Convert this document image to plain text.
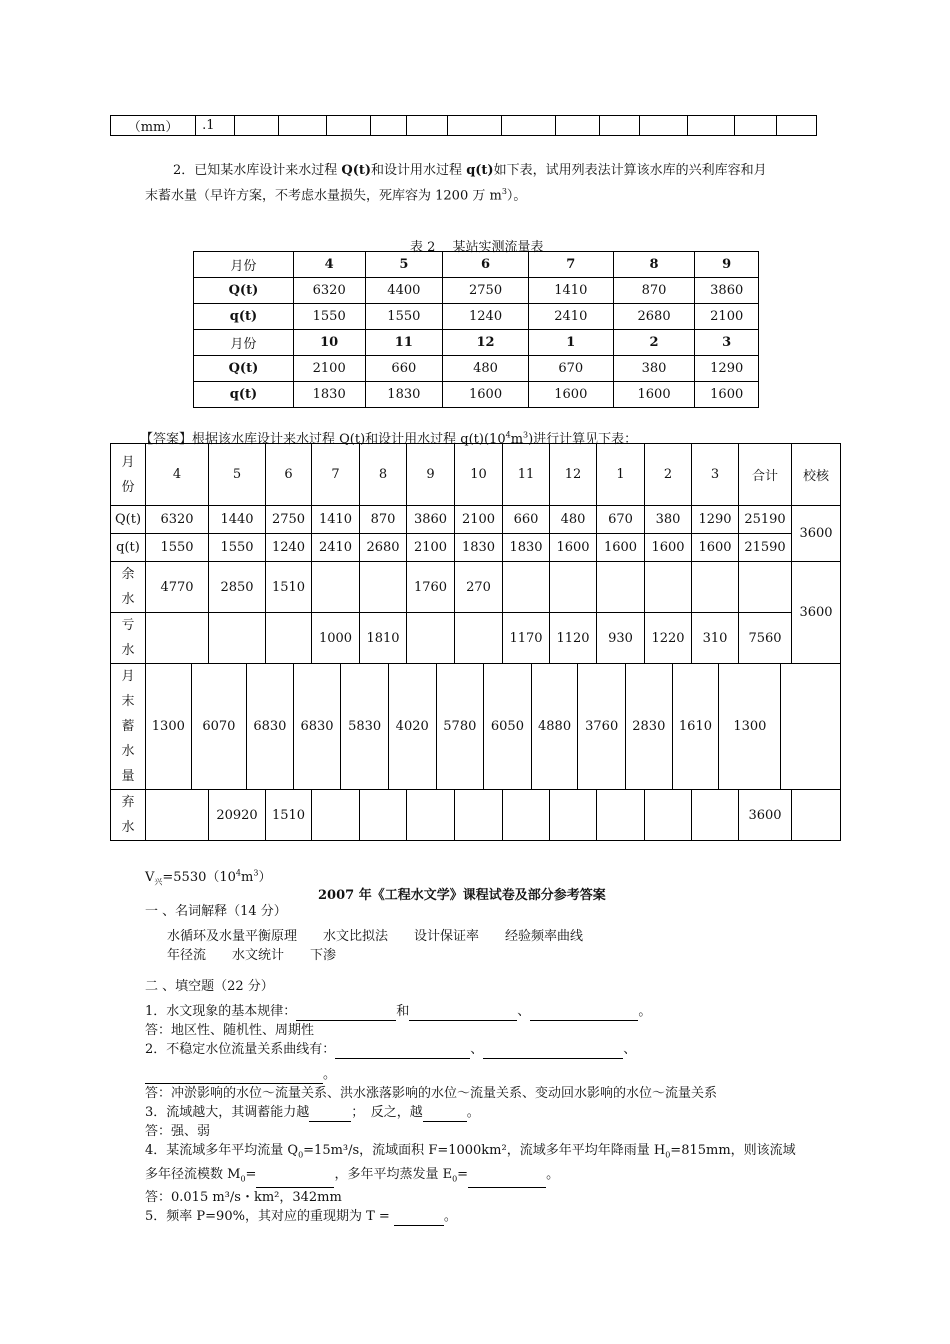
（mm）	.1													
2．已知某水库设计来水过程 Q(t)和设计用水过程 q(t)如下表，试用列表法计算该水库的兴利库容和月
末蓄水量（早许方案，不考虑水量损失，死库容为 1200 万 $m^3$）。
表 2　 某站实测流量表
月份	4	5	6	7	8	9
Q(t)	6320	4400	2750	1410	870	3860
q(t)	1550	1550	1240	2410	2680	2100
月份	10	11	12	1	2	3
Q(t)	2100	660	480	670	380	1290
q(t)	1830	1830	1600	1600	1600	1600
【答案】根据该水库设计来水过程 Q(t)和设计用水过程 $q(t)(10^4m^3)$进行计算见下表：
月
份
	4	5	6	7	8	9	10	11	12	1	2	3	合计	校核
Q(t)	6320	1440	2750	1410	870	3860	2100	660	480	670	380	1290	25190	3600
q(t)	1550	1550	1240	2410	2680	2100	1830	1830	1600	1600	1600	1600	21590

余
水
	4770	2850	1510			1760	270							3600

亏
水
				1000	1810			1170	1120	930	1220	310	7560

月
末
蓄
水
量

1300	6070	6830	6830	5830	4020	5780	6050	4880	3760	2830	1610	1300	

弃
水
		20920	1510										3600	
$V_兴=5530(10^4m^3)$
2007 年《工程水文学》课程试卷及部分参考答案
一 、名词解释（14 分）
水循环及水量平衡原理　　水文比拟法　　设计保证率　　经验频率曲线
年径流　　水文统计　　下渗
二 、填空题（22 分）
1．水文现象的基本规律：	和	、	。
答：地区性、随机性、周期性
2．不稳定水位流量关系曲线有：	、	、
。
答：冲淤影响的水位～流量关系、洪水涨落影响的水位～流量关系、变动回水影响的水位～流量关系
3．流域越大，其调蓄能力越	；　反之，越	。
答：强、弱
4．某流域多年平均流量 $Q_0=15m^3/s$，流域面积 F=1000km²，流域多年平均年降雨量 $H_0=815mm$，则该流域
多年径流模数 $M_0=$	，多年平均蒸发量 $E_0=$	。
答：0.015 m³/s・km²，342mm
5．频率 P=90%，其对应的重现期为 T =	。
